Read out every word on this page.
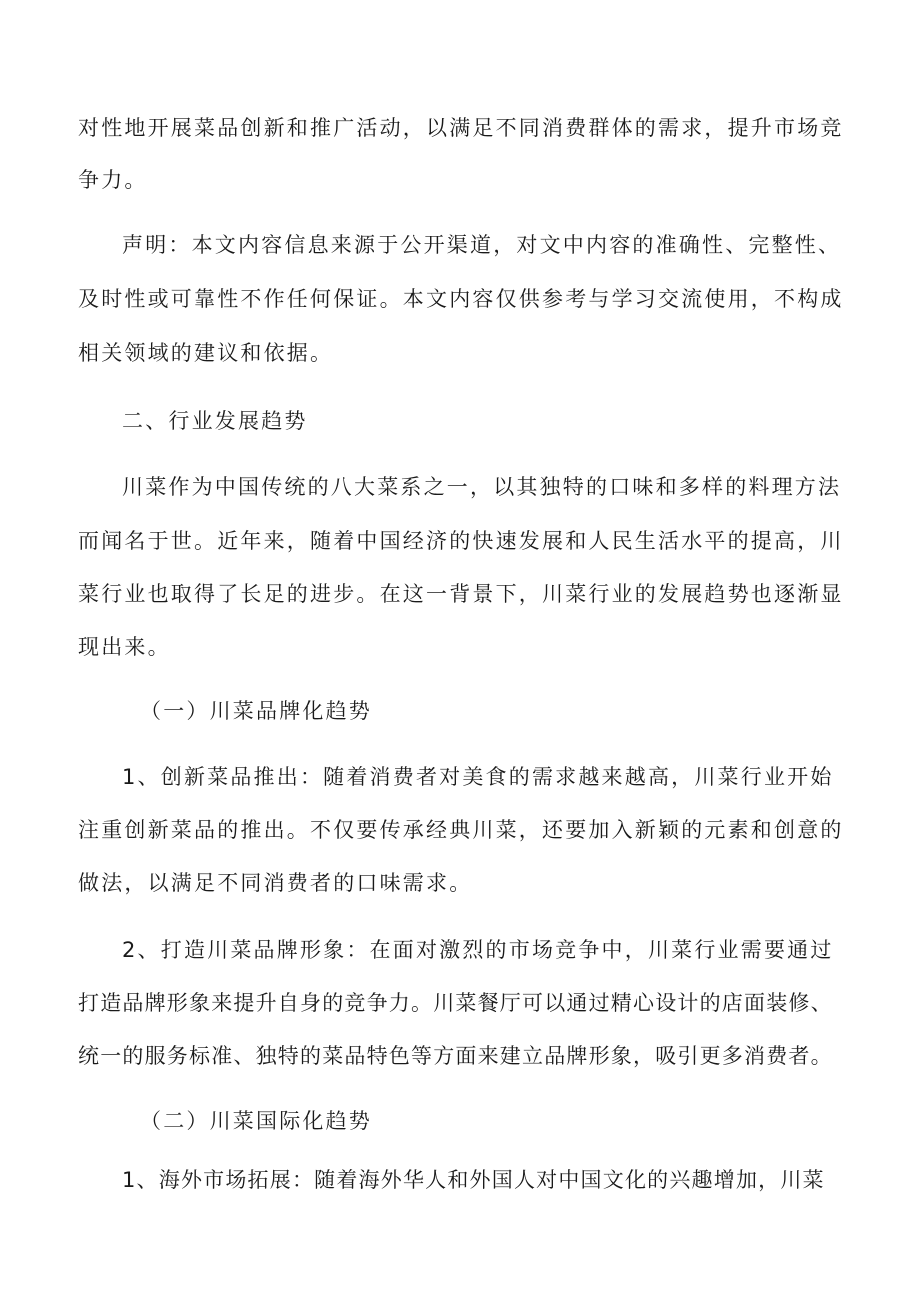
对性地开展菜品创新和推广活动，以满足不同消费群体的需求，提升市场竞
争力。
声明：本文内容信息来源于公开渠道，对文中内容的准确性、完整性、
及时性或可靠性不作任何保证。本文内容仅供参考与学习交流使用，不构成
相关领域的建议和依据。
二、行业发展趋势
川菜作为中国传统的八大菜系之一，以其独特的口味和多样的料理方法
而闻名于世。近年来，随着中国经济的快速发展和人民生活水平的提高，川
菜行业也取得了长足的进步。在这一背景下，川菜行业的发展趋势也逐渐显
现出来。
（一）川菜品牌化趋势
1、创新菜品推出：随着消费者对美食的需求越来越高，川菜行业开始
注重创新菜品的推出。不仅要传承经典川菜，还要加入新颖的元素和创意的
做法，以满足不同消费者的口味需求。
2、打造川菜品牌形象：在面对激烈的市场竞争中，川菜行业需要通过
打造品牌形象来提升自身的竞争力。川菜餐厅可以通过精心设计的店面装修、
统一的服务标准、独特的菜品特色等方面来建立品牌形象，吸引更多消费者。
（二）川菜国际化趋势
1、海外市场拓展：随着海外华人和外国人对中国文化的兴趣增加，川菜
